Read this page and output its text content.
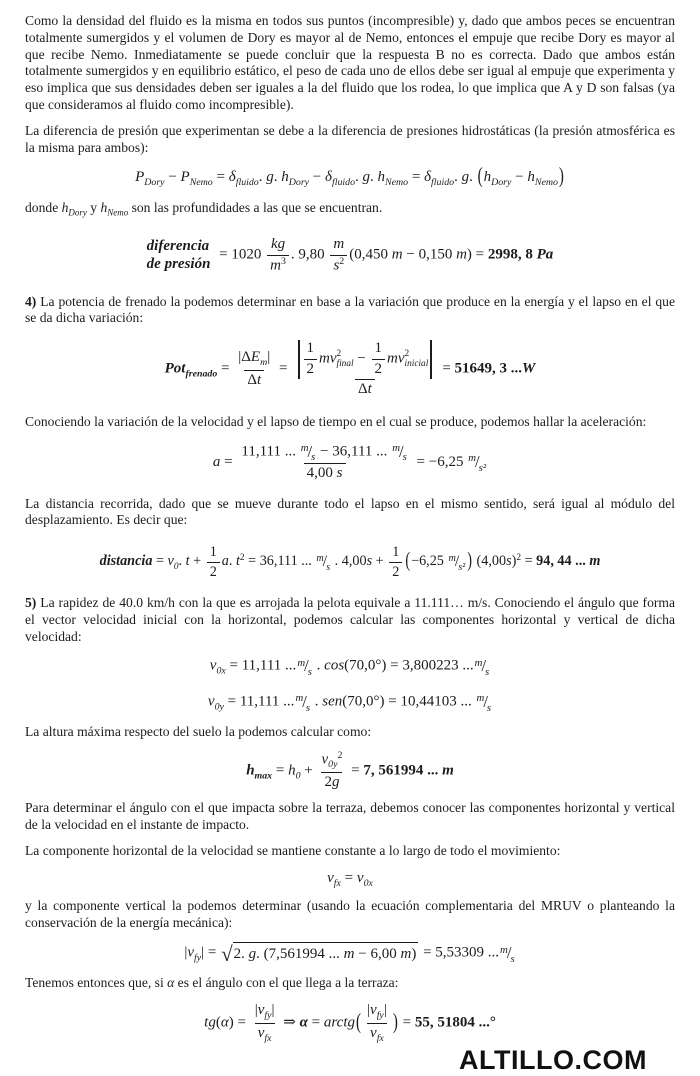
Como la densidad del fluido es la misma en todos sus puntos (incompresible) y, dado que ambos peces se encuentran totalmente sumergidos y el volumen de Dory es mayor al de Nemo, entonces el empuje que recibe Dory es mayor al que recibe Nemo. Inmediatamente se puede concluir que la respuesta B no es correcta. Dado que ambos están totalmente sumergidos y en equilibrio estático, el peso de cada uno de ellos debe ser igual al empuje que experimenta y eso implica que sus densidades deben ser iguales a la del fluido que los rodea, lo que implica que A y D son falsas (ya que consideramos al fluido como incompresible).
La diferencia de presión que experimentan se debe a la diferencia de presiones hidrostáticas (la presión atmosférica es la misma para ambos):
$P_{Dory} - P_{Nemo} = \delta_{fluido}$. g. $h_{Dory} - \delta_{fluido}$. g. $h_{Nemo} = \delta_{fluido}$. g. $(h_{Dory} - h_{Nemo})$
donde $h_{Dory}$ y $h_{Nemo}$ son las profundidades a las que se encuentran.
diferencia
de presión
= $1020 \frac{kg}{m^3}$ . $9,80 \frac{m}{s^2} (0,450$ m − 0,150 m) = 2998, 8 Pa
4) La potencia de frenado la podemos determinar en base a la variación que produce en la energía y el lapso en el que se da dicha variación:
$Pot_{frenado} = \frac{|\Delta E_m|}{\Delta t} = \frac{1}{2}$ mv 2
final − $\frac{1}{2}$ mv 2
inicial
Δt = 51649, 3 ...W
Conociendo la variación de la velocidad y el lapso de tiempo en el cual se produce, podemos hallar la aceleración:
$a = \frac{11,111 ... ^m/_s - 36,111 ... ^m/_s}{4,00 s} = -6,25$ $^m/_{s^2}$
La distancia recorrida, dado que se mueve durante todo el lapso en el mismo sentido, será igual al módulo del desplazamiento. Es decir que:
distancia = $v_0$. $t + \frac{1}{2} a$. $t^2 = 36,111$ ... $^m/_s$ . $4,00s + \frac{1}{2} (-6,25$ $^m/_{s^2}$ ) $(4,00s)^2 = 94$, 44 ... m
5) La rapidez de 40.0 km/h con la que es arrojada la pelota equivale a 11.111… m/s. Conociendo el ángulo que forma el vector velocidad inicial con la horizontal, podemos calcular las componentes horizontal y vertical de dicha velocidad:
$v_{0x} = 11,111$ $...^m/_s$ . cos(70,0°) = 3,800223 $...^m/_s$
$v_{0y} = 11,111$ $...^m/_s$ . sen(70,0°) = 10,44103 ... $^m/_s$
La altura máxima respecto del suelo la podemos calcular como:
$h_{max} = h_0 + \frac{v_{0y}^2}{2g} = 7$, 561994 ... m
Para determinar el ángulo con el que impacta sobre la terraza, debemos conocer las componentes horizontal y vertical de la velocidad en el instante de impacto.
La componente horizontal de la velocidad se mantiene constante a lo largo de todo el movimiento:
$v_{fx} = v_{0x}$
y la componente vertical la podemos determinar (usando la ecuación complementaria del MRUV o planteando la conservación de la energía mecánica):
$|v_{fy}|$ = √ 2. g. (7,561994 ... m − 6,00 m) = 5,53309 $...^m/_s$
Tenemos entonces que, si α es el ángulo con el que llega a la terraza:
$tg(\alpha) = \frac{|v_{fy}|}{v_{fx}}$ ⇒ α = arctg( $\frac{|v_{fy}|}{v_{fx}}$ ) = 55, 51804 ...°
ALTILLO.COM
